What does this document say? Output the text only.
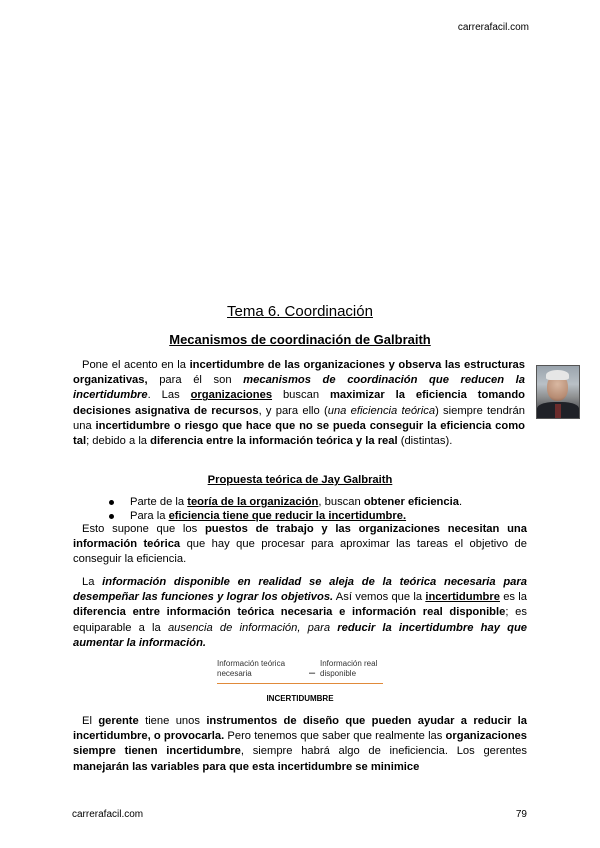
carrerafacil.com
Tema 6. Coordinación
Mecanismos de coordinación de Galbraith
Pone el acento en la incertidumbre de las organizaciones y observa las estructuras organizativas, para él son mecanismos de coordinación que reducen la incertidumbre. Las organizaciones buscan maximizar la eficiencia tomando decisiones asignativa de recursos, y para ello (una eficiencia teórica) siempre tendrán una incertidumbre o riesgo que hace que no se pueda conseguir la eficiencia como tal; debido a la diferencia entre la información teórica y la real (distintas).
Propuesta teórica de Jay Galbraith
Parte de la teoría de la organización, buscan obtener eficiencia.
Para la eficiencia tiene que reducir la incertidumbre.
Esto supone que los puestos de trabajo y las organizaciones necesitan una información teórica que hay que procesar para aproximar las tareas el objetivo de conseguir la eficiencia.
La información disponible en realidad se aleja de la teórica necesaria para desempeñar las funciones y lograr los objetivos. Así vemos que la incertidumbre es la diferencia entre información teórica necesaria e información real disponible; es equiparable a la ausencia de información, para reducir la incertidumbre hay que aumentar la información.
Información teórica necesaria	–
Información real disponible
INCERTIDUMBRE
El gerente tiene unos instrumentos de diseño que pueden ayudar a reducir la incertidumbre, o provocarla. Pero tenemos que saber que realmente las organizaciones siempre tienen incertidumbre, siempre habrá algo de ineficiencia. Los gerentes manejarán las variables para que esta incertidumbre se minimice
carrerafacil.com	79
